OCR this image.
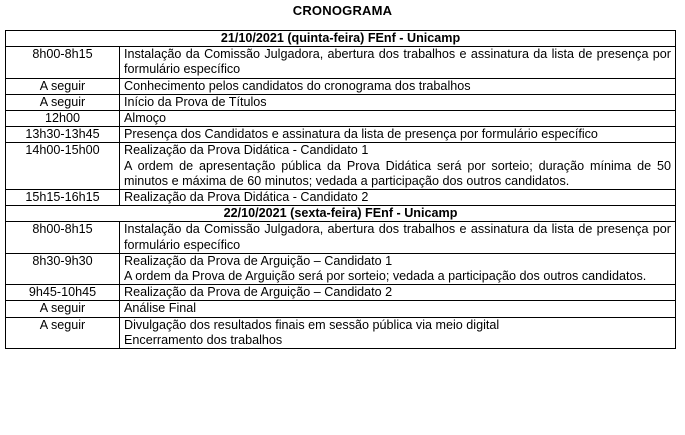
CRONOGRAMA
21/10/2021 (quinta-feira) FEnf - Unicamp	
8h00-8h15	Instalação da Comissão Julgadora, abertura dos trabalhos e assinatura da lista de presença por formulário específico

A seguir	Conhecimento pelos candidatos do cronograma dos trabalhos

A seguir	Início da Prova de Títulos

12h00	Almoço

13h30-13h45	Presença dos Candidatos e assinatura da lista de presença por formulário específico

14h00-15h00	Realização da Prova Didática - Candidato 1
A ordem de apresentação pública da Prova Didática será por sorteio; duração mínima de 50 minutos e máxima de 60 minutos; vedada a participação dos outros candidatos.

15h15-16h15	Realização da Prova Didática - Candidato 2

22/10/2021 (sexta-feira) FEnf - Unicamp	
8h00-8h15	Instalação da Comissão Julgadora, abertura dos trabalhos e assinatura da lista de presença por formulário específico

8h30-9h30	Realização da Prova de Arguição – Candidato 1
A ordem da Prova de Arguição será por sorteio; vedada a participação dos outros candidatos.

9h45-10h45	Realização da Prova de Arguição – Candidato 2

A seguir	Análise Final

A seguir	Divulgação dos resultados finais em sessão pública via meio digital
Encerramento dos trabalhos
